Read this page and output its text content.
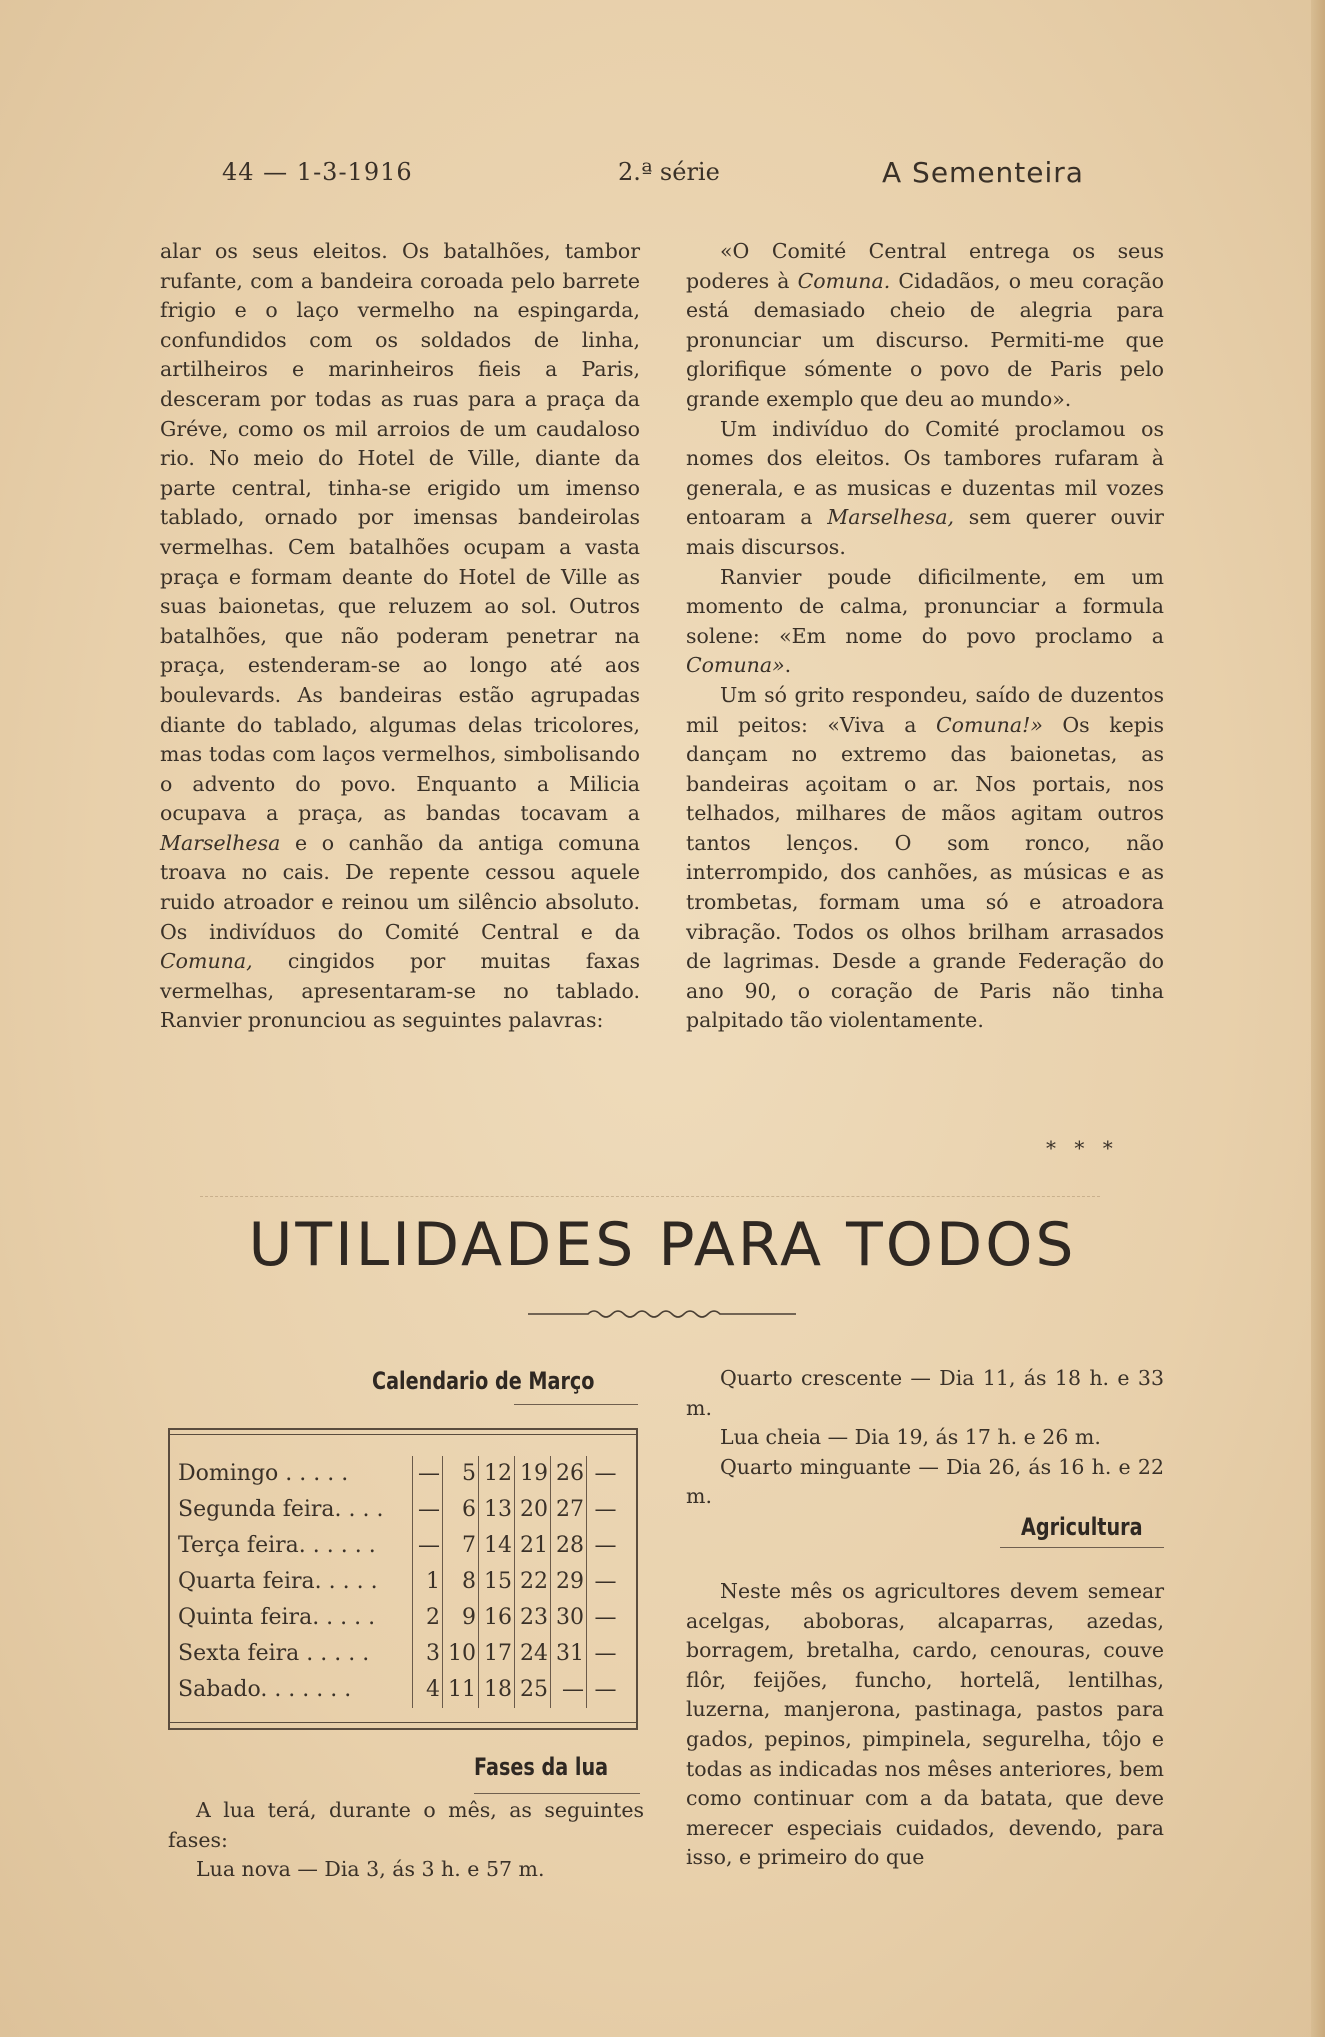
44 — 1-3-1916	2.ª série	A Sementeira

alar os seus eleitos. Os batalhões, tambor rufante, com a bandeira coroada pelo barrete frigio e o laço vermelho na espingarda, confundidos com os soldados de linha, artilheiros e marinheiros fieis a Paris, desceram por todas as ruas para a praça da Gréve, como os mil arroios de um caudaloso rio. No meio do Hotel de Ville, diante da parte central, tinha-se erigido um imenso tablado, ornado por imensas bandeirolas vermelhas. Cem batalhões ocupam a vasta praça e formam deante do Hotel de Ville as suas baionetas, que reluzem ao sol. Outros batalhões, que não poderam penetrar na praça, estenderam-se ao longo até aos boulevards. As bandeiras estão agrupadas diante do tablado, algumas delas tricolores, mas todas com laços vermelhos, simbolisando o advento do povo. Enquanto a Milicia ocupava a praça, as bandas tocavam a Marselhesa e o canhão da antiga comuna troava no cais. De repente cessou aquele ruido atroador e reinou um silêncio absoluto. Os indivíduos do Comité Central e da Comuna, cingidos por muitas faxas vermelhas, apresentaram-se no tablado. Ranvier pronunciou as seguintes palavras:

«O Comité Central entrega os seus poderes à Comuna. Cidadãos, o meu coração está demasiado cheio de alegria para pronunciar um discurso. Permiti-me que glorifique sómente o povo de Paris pelo grande exemplo que deu ao mundo».

Um indivíduo do Comité proclamou os nomes dos eleitos. Os tambores rufaram à generala, e as musicas e duzentas mil vozes entoaram a Marselhesa, sem querer ouvir mais discursos.

Ranvier poude dificilmente, em um momento de calma, pronunciar a formula solene: «Em nome do povo proclamo a Comuna».

Um só grito respondeu, saído de duzentos mil peitos: «Viva a Comuna!» Os kepis dançam no extremo das baionetas, as bandeiras açoitam o ar. Nos portais, nos telhados, milhares de mãos agitam outros tantos lenços. O som ronco, não interrompido, dos canhões, as músicas e as trombetas, formam uma só e atroadora vibração. Todos os olhos brilham arrasados de lagrimas. Desde a grande Federação do ano 90, o coração de Paris não tinha palpitado tão violentamente.

* * *
UTILIDADES PARA TODOS
Calendario de Março
Domingo . . . . .	—	5 12 19 26 —
Segunda feira. . . .	—	6 13 20 27 —
Terça feira. . . . . .	—	7 14 21 28 —
Quarta feira. . . . .	1	8 15 22 29 —
Quinta feira. . . . .	2	9 16 23 30 —
Sexta feira . . . . .	3 10 17 24 31 —
Sabado. . . . . . .	4 11 18 25 — —
Fases da lua

A lua terá, durante o mês, as seguintes fases:

Lua nova — Dia 3, ás 3 h. e 57 m.

Quarto crescente — Dia 11, ás 18 h. e 33 m.

Lua cheia — Dia 19, ás 17 h. e 26 m.

Quarto minguante — Dia 26, ás 16 h. e 22 m.

Agricultura

Neste mês os agricultores devem semear acelgas, aboboras, alcaparras, azedas, borragem, bretalha, cardo, cenouras, couve flôr, feijões, funcho, hortelã, lentilhas, luzerna, manjerona, pastinaga, pastos para gados, pepinos, pimpinela, segurelha, tôjo e todas as indicadas nos mêses anteriores, bem como continuar com a da batata, que deve merecer especiais cuidados, devendo, para isso, e primeiro do que
